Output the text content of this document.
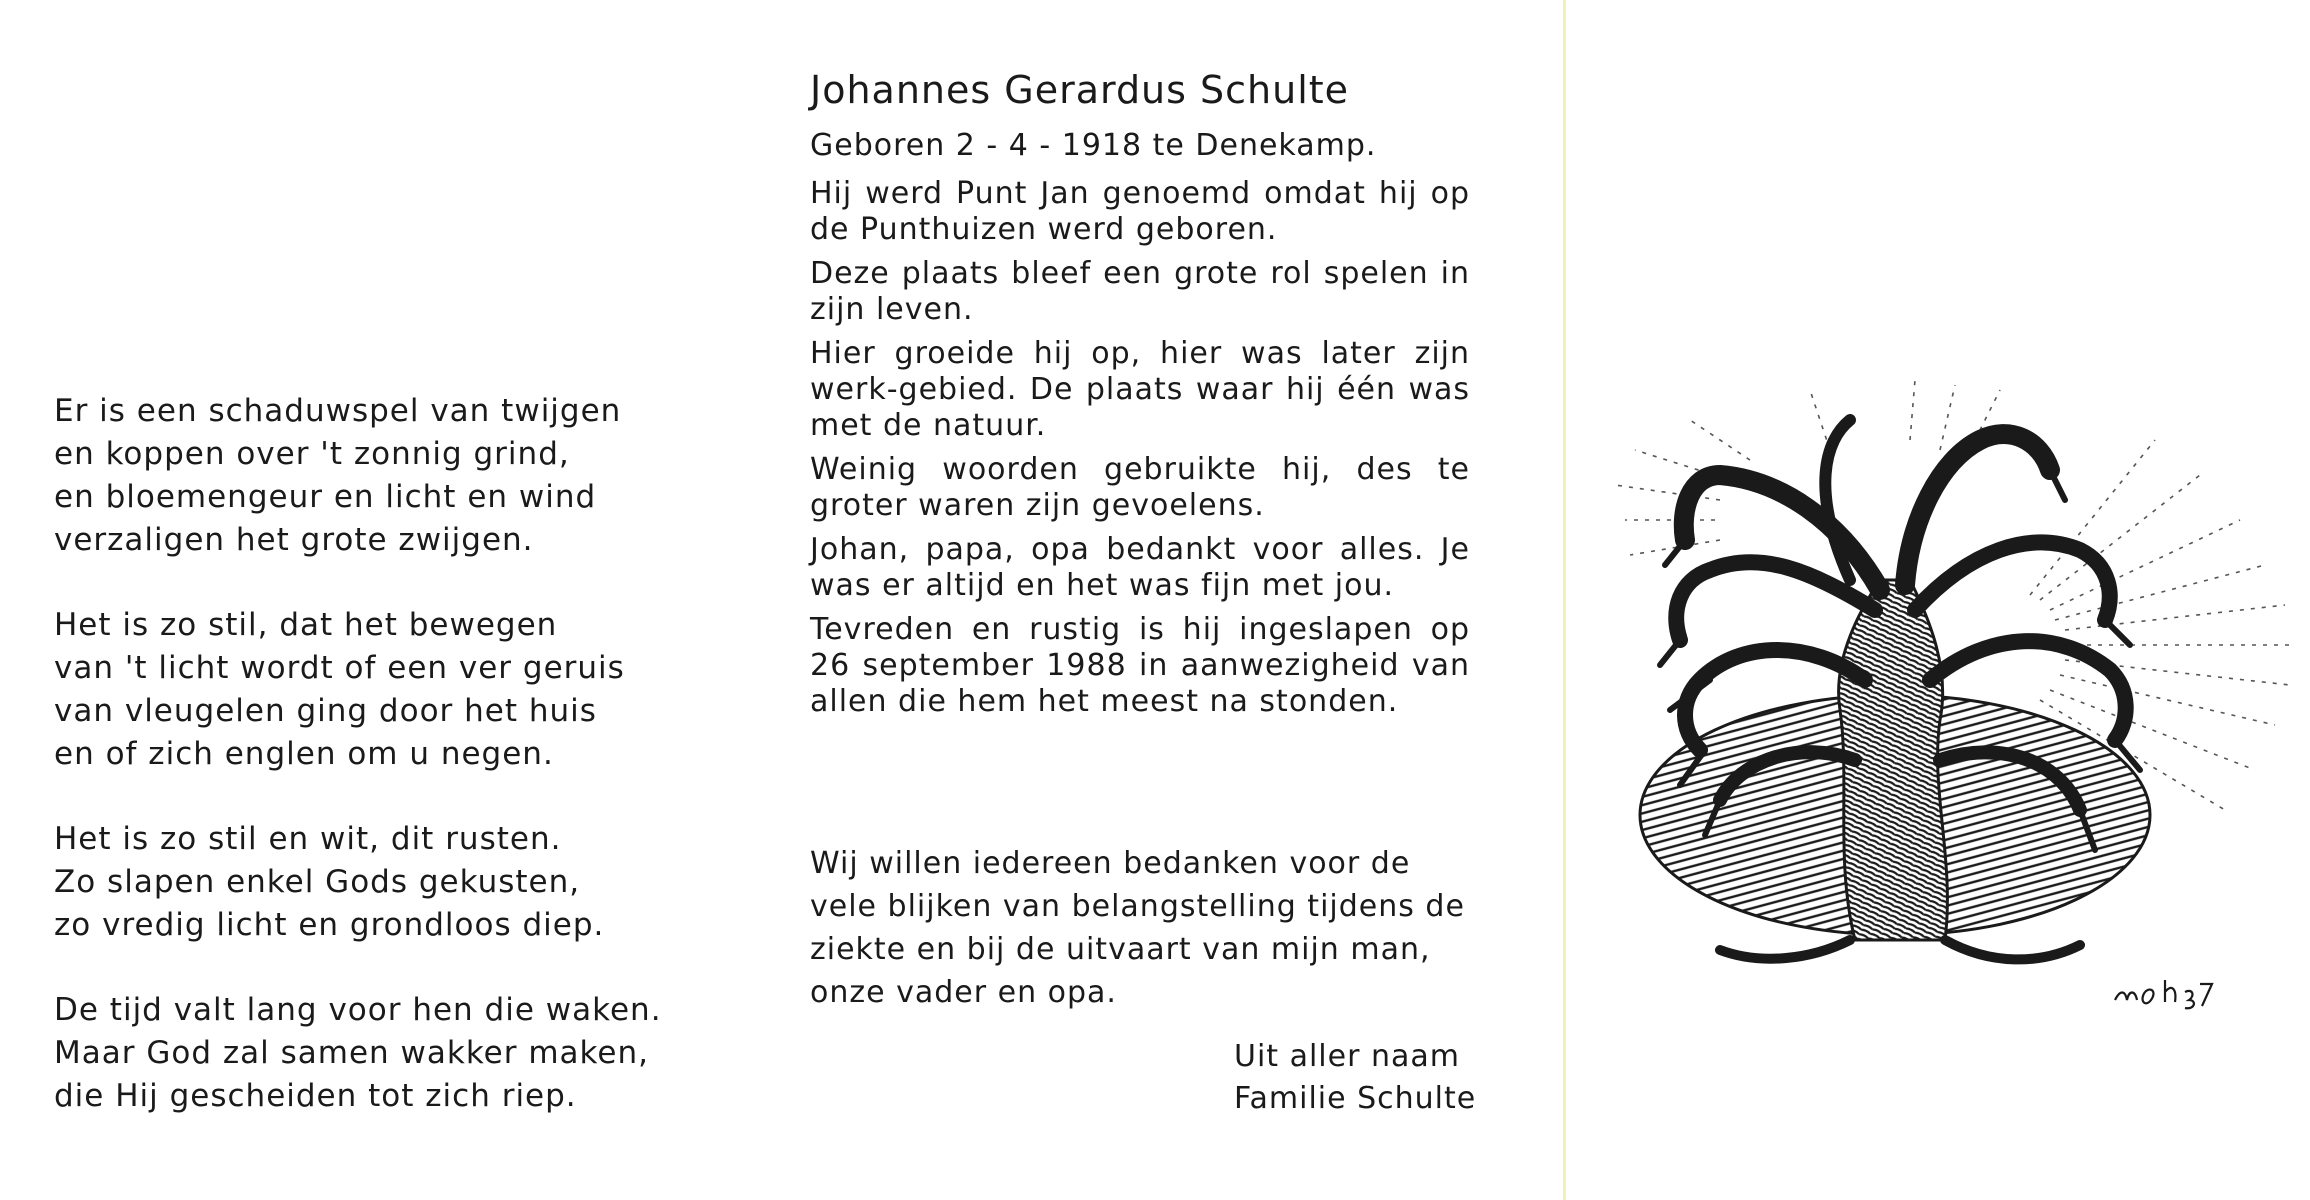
Er is een schaduwspel van twijgen
en koppen over 't zonnig grind,
en bloemengeur en licht en wind
verzaligen het grote zwijgen.
Het is zo stil, dat het bewegen
van 't licht wordt of een ver geruis
van vleugelen ging door het huis
en of zich englen om u negen.
Het is zo stil en wit, dit rusten.
Zo slapen enkel Gods gekusten,
zo vredig licht en grondloos diep.
De tijd valt lang voor hen die waken.
Maar God zal samen wakker maken,
die Hij gescheiden tot zich riep.
Johannes Gerardus Schulte
Geboren 2 - 4 - 1918 te Denekamp.
Hij werd Punt Jan genoemd omdat hij op de Punthuizen werd geboren.
Deze plaats bleef een grote rol spelen in zijn leven.
Hier groeide hij op, hier was later zijn werk-gebied. De plaats waar hij één was met de natuur.
Weinig woorden gebruikte hij, des te groter waren zijn gevoelens.
Johan, papa, opa bedankt voor alles. Je was er altijd en het was fijn met jou.
Tevreden en rustig is hij ingeslapen op 26 september 1988 in aanwezigheid van allen die hem het meest na stonden.
Wij willen iedereen bedanken voor de vele blijken van belangstelling tijdens de ziekte en bij de uitvaart van mijn man, onze vader en opa.
Uit aller naam
Familie Schulte
